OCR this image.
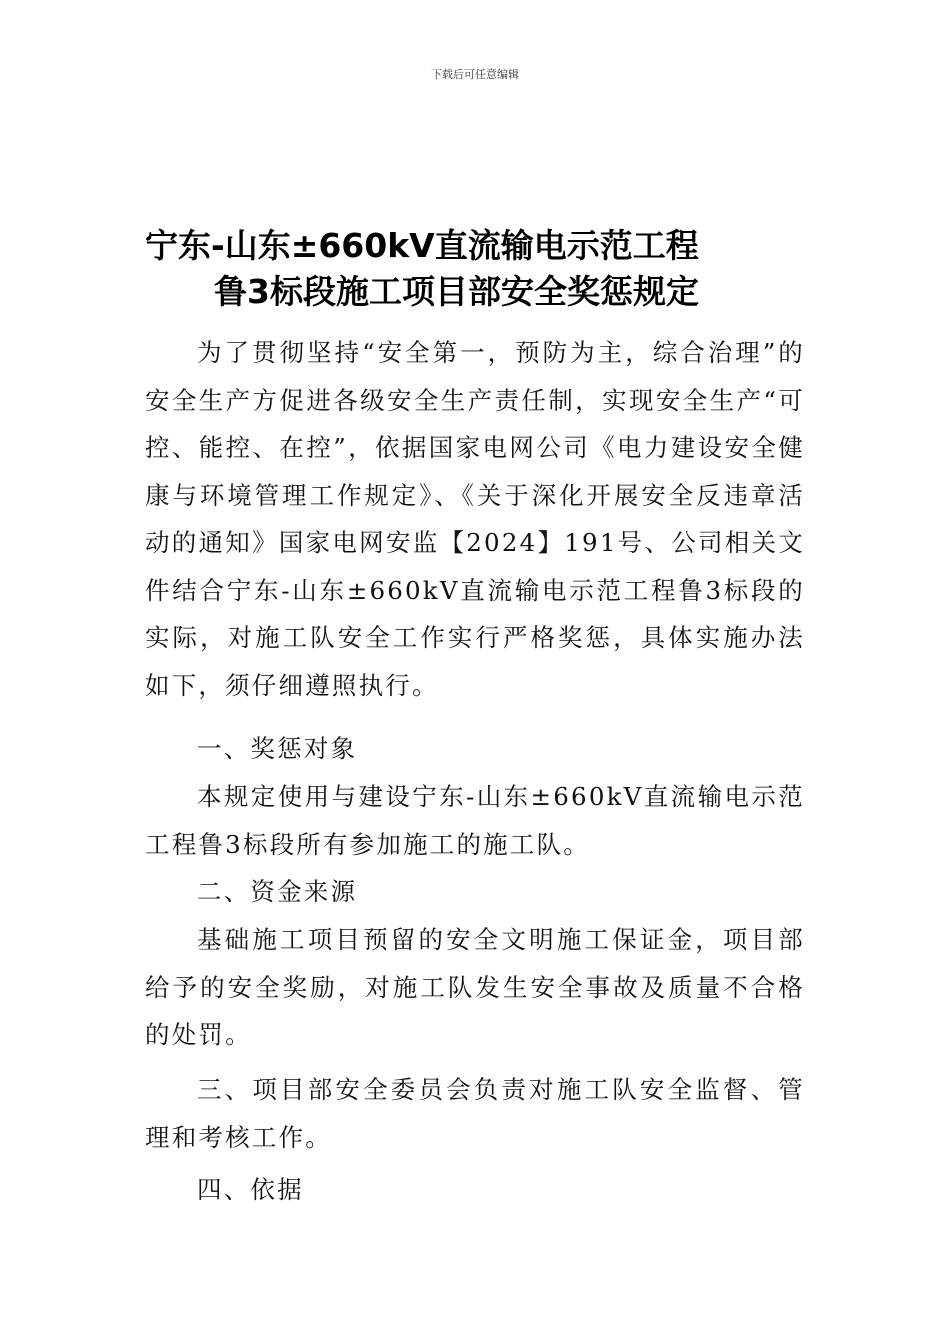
下载后可任意编辑
宁东-山东±660kV直流输电示范工程
鲁3标段施工项目部安全奖惩规定
为了贯彻坚持“安全第一，预防为主，综合治理”的安全生产方促进各级安全生产责任制，实现安全生产“可控、能控、在控”，依据国家电网公司《电力建设安全健康与环境管理工作规定》、《关于深化开展安全反违章活动的通知》国家电网安监【2024】191号、公司相关文件结合宁东-山东±660kV直流输电示范工程鲁3标段的实际，对施工队安全工作实行严格奖惩，具体实施办法如下，须仔细遵照执行。
一、奖惩对象
本规定使用与建设宁东-山东±660kV直流输电示范工程鲁3标段所有参加施工的施工队。
二、资金来源
基础施工项目预留的安全文明施工保证金，项目部给予的安全奖励，对施工队发生安全事故及质量不合格的处罚。
三、项目部安全委员会负责对施工队安全监督、管理和考核工作。
四、依据
